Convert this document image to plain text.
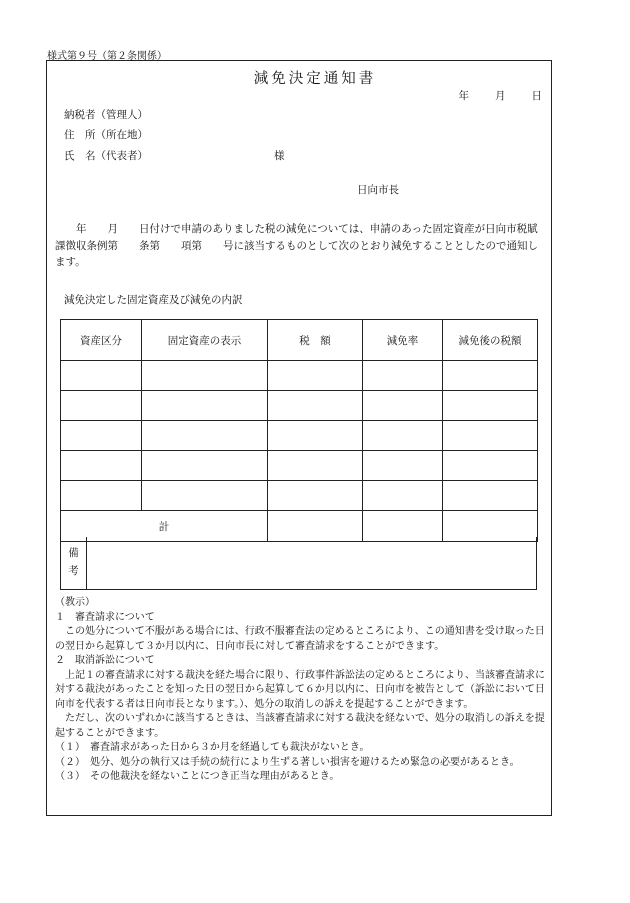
様式第９号（第２条関係）
減免決定通知書
年 月 日
納税者（管理人）
住　所（所在地）
氏　名（代表者）	様
日向市長
　　年　　月　　日付けで申請のありました税の減免については、申請のあった固定資産が日向市税賦課徴収条例第　　条第　　項第　　号に該当するものとして次のとおり減免することとしたので通知します。
減免決定した固定資産及び減免の内訳
資産区分	固定資産の表示	税　額	減免率	減免後の税額

計				
備
考
（教示）
１　審査請求について
この処分について不服がある場合には、行政不服審査法の定めるところにより、この通知書を受け取った日の翌日から起算して３か月以内に、日向市長に対して審査請求をすることができます。
２　取消訴訟について
上記１の審査請求に対する裁決を経た場合に限り、行政事件訴訟法の定めるところにより、当該審査請求に対する裁決があったことを知った日の翌日から起算して６か月以内に、日向市を被告として（訴訟において日向市を代表する者は日向市長となります。）、処分の取消しの訴えを提起することができます。
ただし、次のいずれかに該当するときは、当該審査請求に対する裁決を経ないで、処分の取消しの訴えを提起することができます。
（１）　審査請求があった日から３か月を経過しても裁決がないとき。
（２）　処分、処分の執行又は手続の続行により生ずる著しい損害を避けるため緊急の必要があるとき。
（３）　その他裁決を経ないことにつき正当な理由があるとき。
